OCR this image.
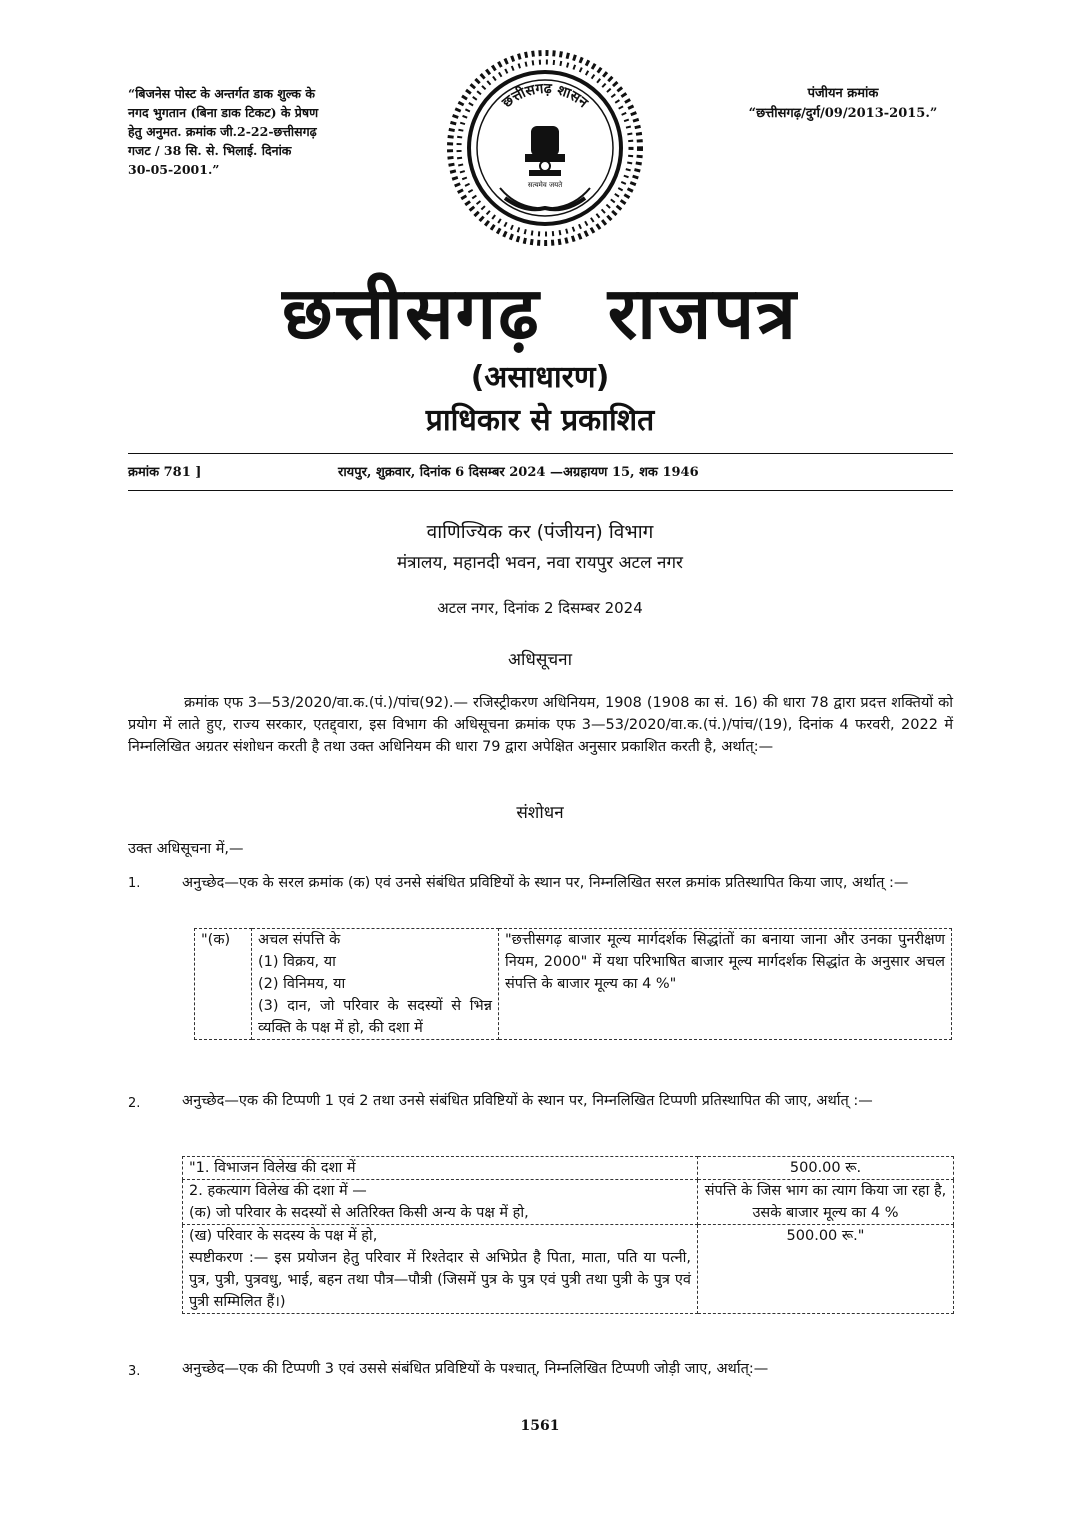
“बिजनेस पोस्ट के अन्तर्गत डाक शुल्क के
नगद भुगतान (बिना डाक टिकट) के प्रेषण
हेतु अनुमत. क्रमांक जी.2-22-छत्तीसगढ़
गजट / 38 सि. से. भिलाई. दिनांक
30-05-2001.”
छत्तीसगढ़ शासन
सत्यमेव जयते
पंजीयन क्रमांक
“छत्तीसगढ़/दुर्ग/09/2013-2015.”
छत्तीसगढ़ राजपत्र
(असाधारण)
प्राधिकार से प्रकाशित
क्रमांक 781 ]	रायपुर, शुक्रवार, दिनांक 6 दिसम्बर 2024 —अग्रहायण 15, शक 1946
वाणिज्यिक कर (पंजीयन) विभाग
मंत्रालय, महानदी भवन, नवा रायपुर अटल नगर
अटल नगर, दिनांक 2 दिसम्बर 2024
अधिसूचना
क्रमांक एफ 3—53/2020/वा.क.(पं.)/पांच(92).— रजिस्ट्रीकरण अधिनियम, 1908 (1908 का सं. 16) की धारा 78 द्वारा प्रदत्त शक्तियों को प्रयोग में लाते हुए, राज्य सरकार, एतद्द्वारा, इस विभाग की अधिसूचना क्रमांक एफ 3—53/2020/वा.क.(पं.)/पांच/(19), दिनांक 4 फरवरी, 2022 में निम्नलिखित अग्रतर संशोधन करती है तथा उक्त अधिनियम की धारा 79 द्वारा अपेक्षित अनुसार प्रकाशित करती है, अर्थात्:—
संशोधन
उक्त अधिसूचना में,—
1.	अनुच्छेद—एक के सरल क्रमांक (क) एवं उनसे संबंधित प्रविष्टियों के स्थान पर, निम्नलिखित सरल क्रमांक प्रतिस्थापित किया जाए, अर्थात् :—
"(क)	अचल संपत्ति के
(1) विक्रय, या
(2) विनिमय, या
(3) दान, जो परिवार के सदस्यों से भिन्न व्यक्ति के पक्ष में हो, की दशा में
	"छत्तीसगढ़ बाजार मूल्य मार्गदर्शक सिद्धांतों का बनाया जाना और उनका पुनरीक्षण नियम, 2000" में यथा परिभाषित बाजार मूल्य मार्गदर्शक सिद्धांत के अनुसार अचल संपत्ति के बाजार मूल्य का 4 %"
2.	अनुच्छेद—एक की टिप्पणी 1 एवं 2 तथा उनसे संबंधित प्रविष्टियों के स्थान पर, निम्नलिखित टिप्पणी प्रतिस्थापित की जाए, अर्थात् :—
"1. विभाजन विलेख की दशा में	500.00 रू.

2. हकत्याग विलेख की दशा में —
(क) जो परिवार के सदस्यों से अतिरिक्त किसी अन्य के पक्ष में हो,	संपत्ति के जिस भाग का त्याग किया जा रहा है, उसके बाजार मूल्य का 4 %

(ख) परिवार के सदस्य के पक्ष में हो,
स्पष्टीकरण :— इस प्रयोजन हेतु परिवार में रिश्तेदार से अभिप्रेत है पिता, माता, पति या पत्नी, पुत्र, पुत्री, पुत्रवधु, भाई, बहन तथा पौत्र—पौत्री (जिसमें पुत्र के पुत्र एवं पुत्री तथा पुत्री के पुत्र एवं पुत्री सम्मिलित हैं।)	500.00 रू."
3.	अनुच्छेद—एक की टिप्पणी 3 एवं उससे संबंधित प्रविष्टियों के पश्चात्, निम्नलिखित टिप्पणी जोड़ी जाए, अर्थात्:—
1561
